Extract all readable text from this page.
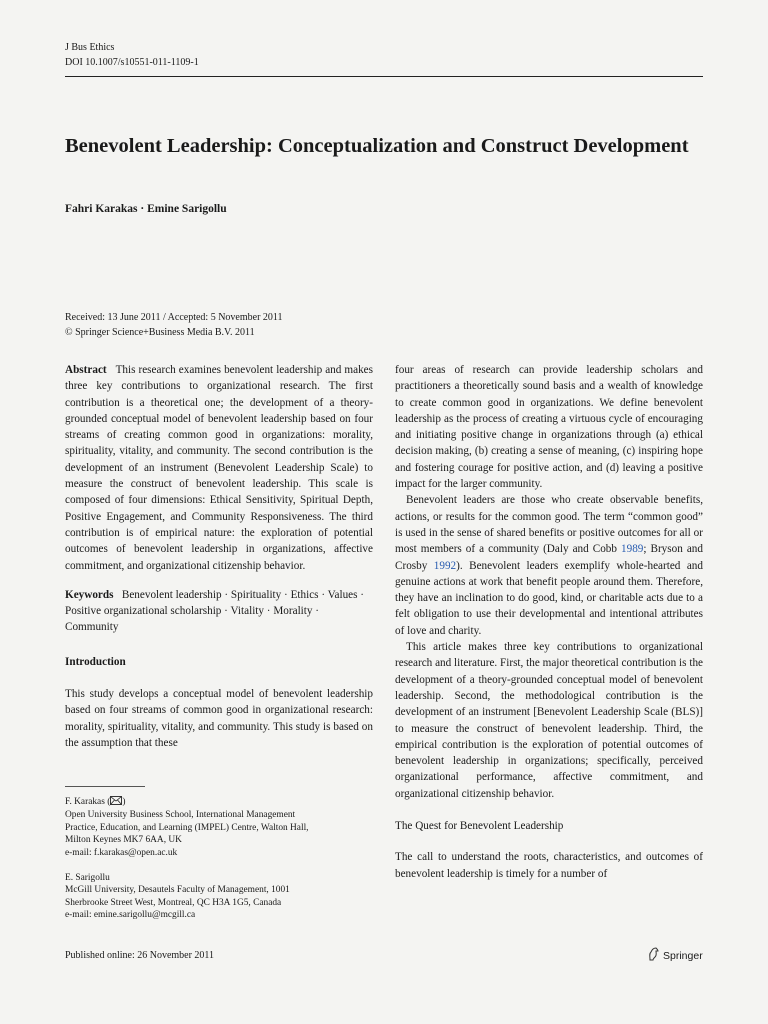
J Bus Ethics
DOI 10.1007/s10551-011-1109-1
Benevolent Leadership: Conceptualization and Construct Development
Fahri Karakas · Emine Sarigollu
Received: 13 June 2011 / Accepted: 5 November 2011
© Springer Science+Business Media B.V. 2011

Abstract This research examines benevolent leadership and makes three key contributions to organizational research. The first contribution is a theoretical one; the development of a theory-grounded conceptual model of benevolent leadership based on four streams of creating common good in organizations: morality, spirituality, vitality, and community. The second contribution is the development of an instrument (Benevolent Leadership Scale) to measure the construct of benevolent leadership. This scale is composed of four dimensions: Ethical Sensitivity, Spiritual Depth, Positive Engagement, and Community Responsiveness. The third contribution is of empirical nature: the exploration of potential outcomes of benevolent leadership in organizations, affective commitment, and organizational citizenship behavior.

Keywords Benevolent leadership · Spirituality · Ethics · Values · Positive organizational scholarship · Vitality · Morality · Community

Introduction

This study develops a conceptual model of benevolent leadership based on four streams of common good in organizational research: morality, spirituality, vitality, and community. This study is based on the assumption that these

F. Karakas ( )
Open University Business School, International Management
Practice, Education, and Learning (IMPEL) Centre, Walton Hall,
Milton Keynes MK7 6AA, UK
e-mail: f.karakas@open.ac.uk
E. Sarigollu
McGill University, Desautels Faculty of Management, 1001
Sherbrooke Street West, Montreal, QC H3A 1G5, Canada
e-mail: emine.sarigollu@mcgill.ca

four areas of research can provide leadership scholars and practitioners a theoretically sound basis and a wealth of knowledge to create common good in organizations. We define benevolent leadership as the process of creating a virtuous cycle of encouraging and initiating positive change in organizations through (a) ethical decision making, (b) creating a sense of meaning, (c) inspiring hope and fostering courage for positive action, and (d) leaving a positive impact for the larger community.

Benevolent leaders are those who create observable benefits, actions, or results for the common good. The term “common good” is used in the sense of shared benefits or positive outcomes for all or most members of a community (Daly and Cobb 1989; Bryson and Crosby 1992). Benevolent leaders exemplify whole-hearted and genuine actions at work that benefit people around them. Therefore, they have an inclination to do good, kind, or charitable acts due to a felt obligation to use their developmental and intentional attributes of love and charity.

This article makes three key contributions to organizational research and literature. First, the major theoretical contribution is the development of a theory-grounded conceptual model of benevolent leadership. Second, the methodological contribution is the development of an instrument [Benevolent Leadership Scale (BLS)] to measure the construct of benevolent leadership. Third, the empirical contribution is the exploration of potential outcomes of benevolent leadership in organizations; specifically, perceived organizational performance, affective commitment, and organizational citizenship behavior.

The Quest for Benevolent Leadership

The call to understand the roots, characteristics, and outcomes of benevolent leadership is timely for a number of

Published online: 26 November 2011	Springer
